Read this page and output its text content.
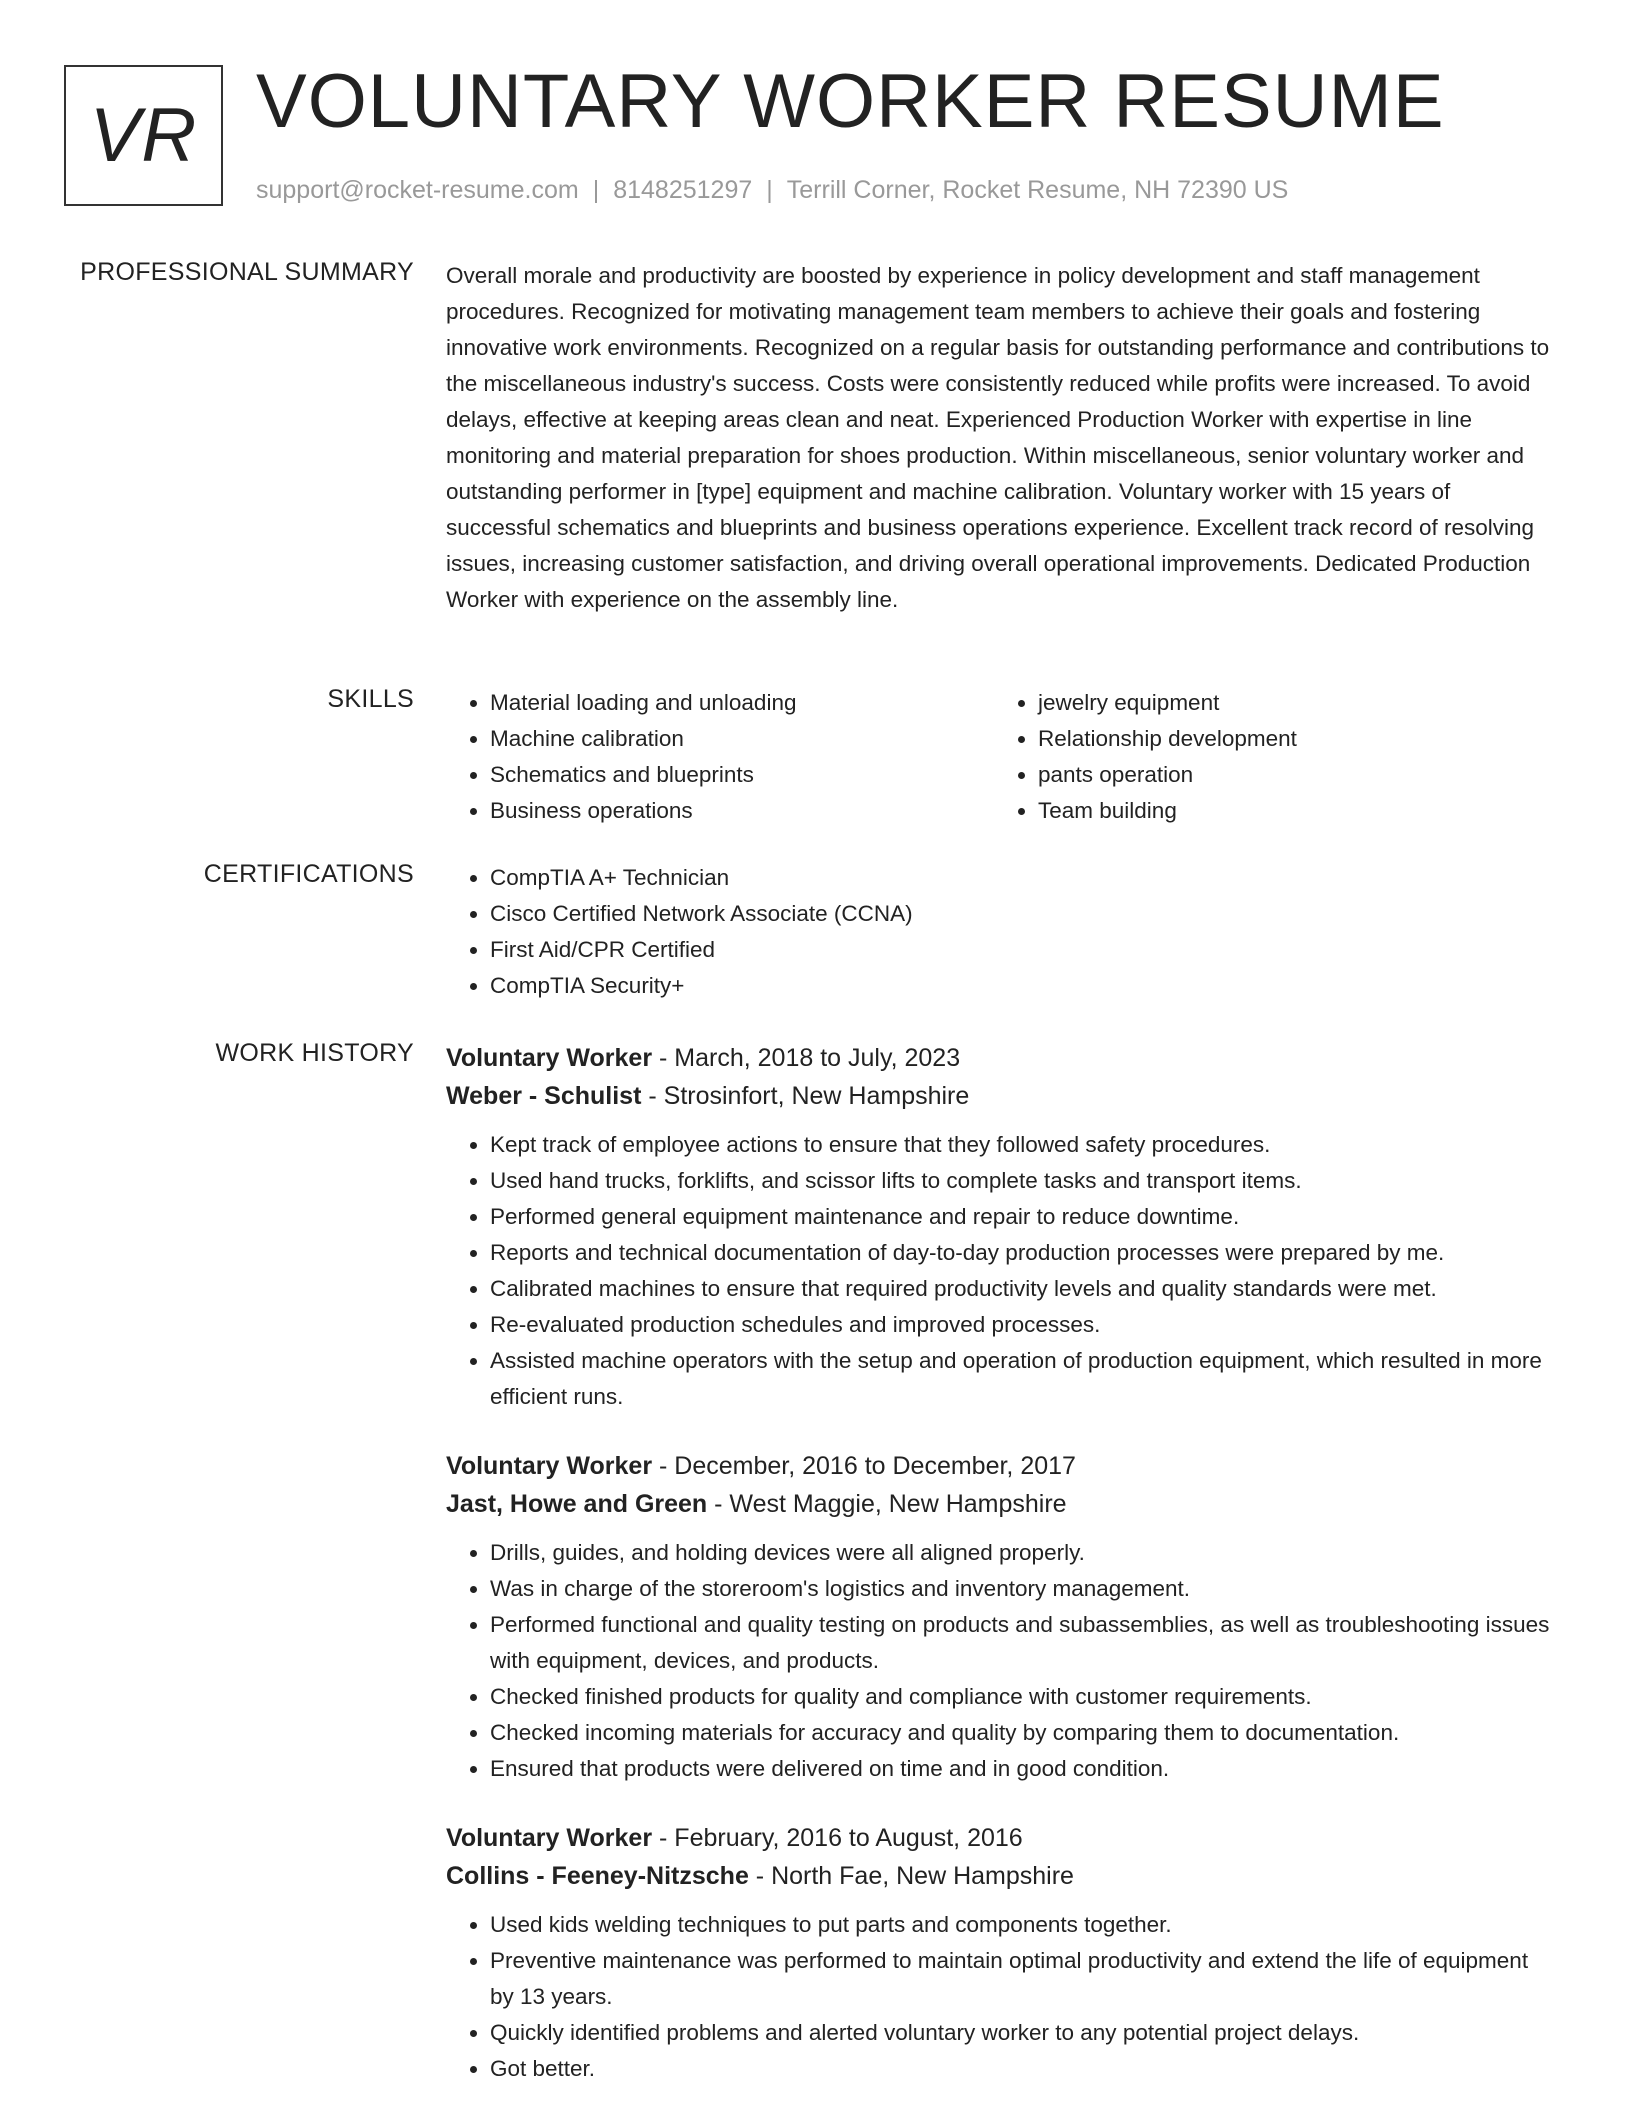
VR VOLUNTARY WORKER RESUME
support@rocket-resume.com | 8148251297 | Terrill Corner, Rocket Resume, NH 72390 US
PROFESSIONAL SUMMARY Overall morale and productivity are boosted by experience in policy development and staff management procedures. Recognized for motivating management team members to achieve their goals and fostering innovative work environments. Recognized on a regular basis for outstanding performance and contributions to the miscellaneous industry's success. Costs were consistently reduced while profits were increased. To avoid delays, effective at keeping areas clean and neat. Experienced Production Worker with expertise in line monitoring and material preparation for shoes production. Within miscellaneous, senior voluntary worker and outstanding performer in [type] equipment and machine calibration. Voluntary worker with 15 years of successful schematics and blueprints and business operations experience. Excellent track record of resolving issues, increasing customer satisfaction, and driving overall operational improvements. Dedicated Production Worker with experience on the assembly line.

SKILLS	• Material loading and unloading
• Machine calibration
• Schematics and blueprints
• Business operations
• jewelry equipment
• Relationship development
• pants operation
• Team building
CERTIFICATIONS	• CompTIA A+ Technician
• Cisco Certified Network Associate (CCNA)
• First Aid/CPR Certified
• CompTIA Security+
WORK HISTORY Voluntary Worker - March, 2018 to July, 2023
Weber - Schulist - Strosinfort, New Hampshire
• Kept track of employee actions to ensure that they followed safety procedures.
• Used hand trucks, forklifts, and scissor lifts to complete tasks and transport items.
• Performed general equipment maintenance and repair to reduce downtime.
• Reports and technical documentation of day-to-day production processes were prepared by me.
• Calibrated machines to ensure that required productivity levels and quality standards were met.
• Re-evaluated production schedules and improved processes.
• Assisted machine operators with the setup and operation of production equipment, which resulted in more efficient runs.
Voluntary Worker - December, 2016 to December, 2017
Jast, Howe and Green - West Maggie, New Hampshire
• Drills, guides, and holding devices were all aligned properly.
• Was in charge of the storeroom's logistics and inventory management.
• Performed functional and quality testing on products and subassemblies, as well as troubleshooting issues with equipment, devices, and products.
• Checked finished products for quality and compliance with customer requirements.
• Checked incoming materials for accuracy and quality by comparing them to documentation.
• Ensured that products were delivered on time and in good condition.
Voluntary Worker - February, 2016 to August, 2016
Collins - Feeney-Nitzsche - North Fae, New Hampshire
• Used kids welding techniques to put parts and components together.
• Preventive maintenance was performed to maintain optimal productivity and extend the life of equipment by 13 years.
• Quickly identified problems and alerted voluntary worker to any potential project delays.
• Got better.
